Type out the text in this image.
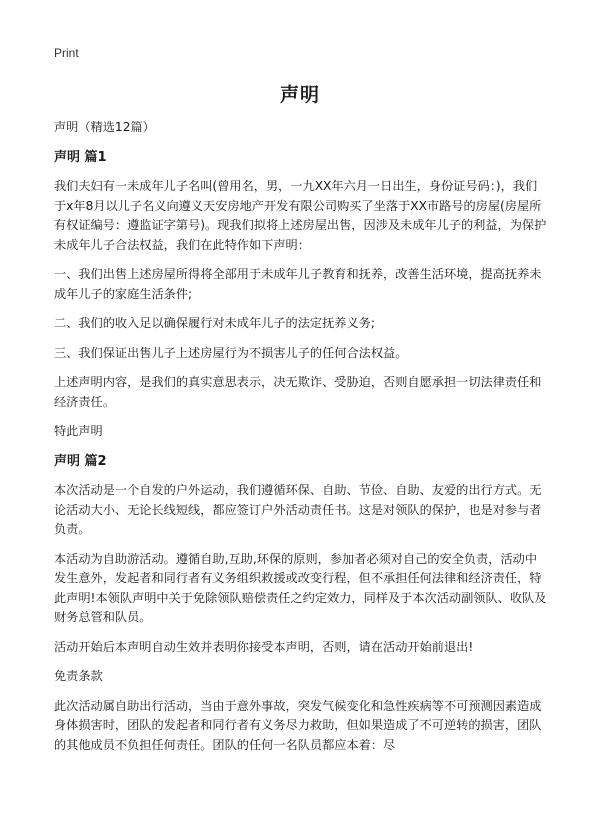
Print
声明

声明（精选12篇）

声明 篇1

我们夫妇有一未成年儿子名叫(曾用名，男，一九XX年六月一日出生，身份证号码：)，我们于x年8月以儿子名义向遵义天安房地产开发有限公司购买了坐落于XX市路号的房屋(房屋所有权证编号：遵监证字第号)。现我们拟将上述房屋出售，因涉及未成年儿子的利益，为保护未成年儿子合法权益，我们在此特作如下声明：

一、我们出售上述房屋所得将全部用于未成年儿子教育和抚养，改善生活环境，提高抚养未成年儿子的家庭生活条件;

二、我们的收入足以确保履行对未成年儿子的法定抚养义务;

三、我们保证出售儿子上述房屋行为不损害儿子的任何合法权益。

上述声明内容，是我们的真实意思表示，决无欺诈、受胁迫，否则自愿承担一切法律责任和经济责任。

特此声明

声明 篇2

本次活动是一个自发的户外运动，我们遵循环保、自助、节俭、自助、友爱的出行方式。无论活动大小、无论长线短线，都应签订户外活动责任书。这是对领队的保护，也是对参与者负责。

本活动为自助游活动。遵循自助,互助,环保的原则，参加者必须对自己的安全负责，活动中发生意外，发起者和同行者有义务组织救援或改变行程，但不承担任何法律和经济责任，特此声明!本领队声明中关于免除领队赔偿责任之约定效力，同样及于本次活动副领队、收队及财务总管和队员。

活动开始后本声明自动生效并表明你接受本声明，否则，请在活动开始前退出!

免责条款

此次活动属自助出行活动，当由于意外事故，突发气候变化和急性疾病等不可预测因素造成身体损害时，团队的发起者和同行者有义务尽力救助，但如果造成了不可逆转的损害，团队的其他成员不负担任何责任。团队的任何一名队员都应本着：尽
